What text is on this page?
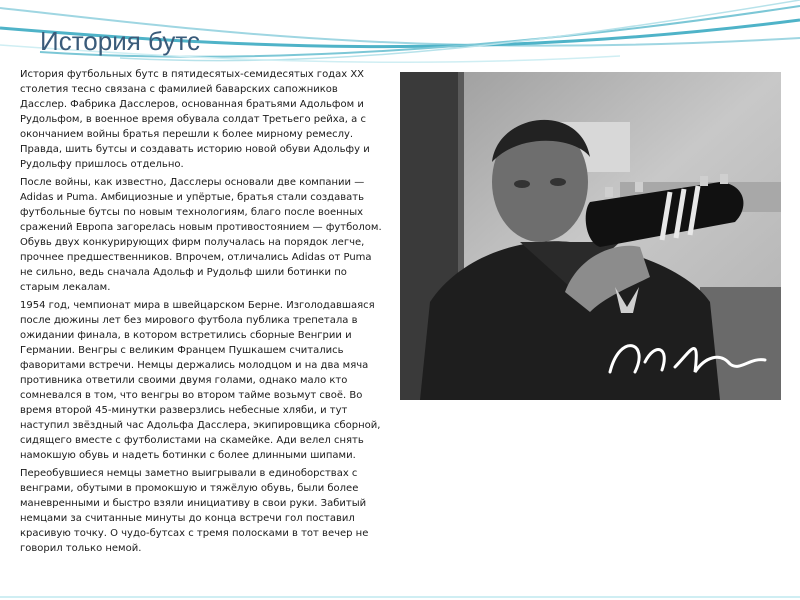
История бутс

История футбольных бутс в пятидесятых-семидесятых годах XX столетия тесно связана с фамилией баварских сапожников Дасслер. Фабрика Дасслеров, основанная братьями Адольфом и Рудольфом, в военное время обувала солдат Третьего рейха, а с окончанием войны братья перешли к более мирному ремеслу. Правда, шить бутсы и создавать историю новой обуви Адольфу и Рудольфу пришлось отдельно.

После войны, как известно, Дасслеры основали две компании — Adidas и Puma. Амбициозные и упёртые, братья стали создавать футбольные бутсы по новым технологиям, благо после военных сражений Европа загорелась новым противостоянием — футболом. Обувь двух конкурирующих фирм получалась на порядок легче, прочнее предшественников. Впрочем, отличались Adidas от Puma не сильно, ведь сначала Адольф и Рудольф шили ботинки по старым лекалам.

1954 год, чемпионат мира в швейцарском Берне. Изголодавшаяся после дюжины лет без мирового футбола публика трепетала в ожидании финала, в котором встретились сборные Венгрии и Германии. Венгры с великим Францем Пушкашем считались фаворитами встречи. Немцы держались молодцом и на два мяча противника ответили своими двумя голами, однако мало кто сомневался в том, что венгры во втором тайме возьмут своё. Во время второй 45-минутки разверзлись небесные хляби, и тут наступил звёздный час Адольфа Дасслера, экипировщика сборной, сидящего вместе с футболистами на скамейке. Ади велел снять намокшую обувь и надеть ботинки с более длинными шипами.

Переобувшиеся немцы заметно выигрывали в единоборствах с венграми, обутыми в промокшую и тяжёлую обувь, были более маневренными и быстро взяли инициативу в свои руки. Забитый немцами за считанные минуты до конца встречи гол поставил красивую точку. О чудо-бутсах с тремя полосками в тот вечер не говорил только немой.
